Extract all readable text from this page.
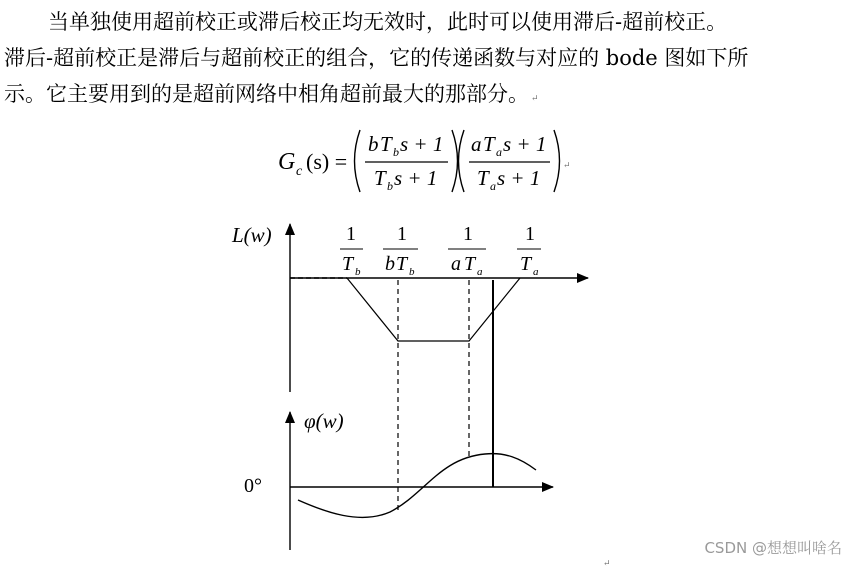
当单独使用超前校正或滞后校正均无效时，此时可以使用滞后-超前校正。
滞后-超前校正是滞后与超前校正的组合，它的传递函数与对应的 bode 图如下所
示。它主要用到的是超前网络中相角超前最大的那部分。 ↵

G c (s) =
b T b s + 1
T b s + 1
a T a s + 1
T a s + 1
↵
L(w)	1
T b
1
b T b
1
a T a
1
T a
φ(w)
0°
↵
CSDN @想想叫啥名
